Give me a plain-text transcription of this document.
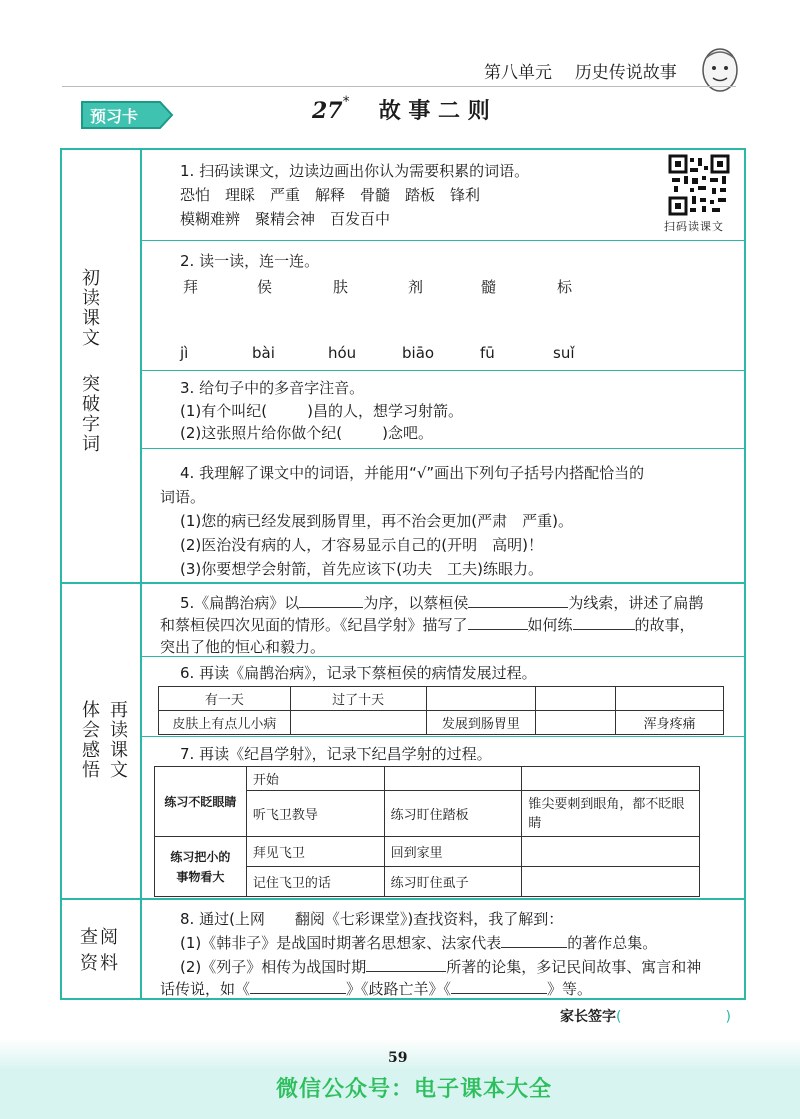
第八单元 历史传说故事
预习卡	27* 故 事 二 则
初读课文
突破字词
再读课文
体会感悟
查阅资料
1. 扫码读课文，边读边画出你认为需要积累的词语。
恐怕　理睬　严重　解释　骨髓　踏板　锋利
模糊难辨　聚精会神　百发百中	扫码读课文
2. 读一读，连一连。
拜	侯	肤	剂	髓	标
jì	bài	hóu	biāo	fū	suǐ
3. 给句子中的多音字注音。
(1)有个叫纪(	)昌的人，想学习射箭。
(2)这张照片给你做个纪(	)念吧。
4. 我理解了课文中的词语，并能用“√”画出下列句子括号内搭配恰当的
词语。
(1)您的病已经发展到肠胃里，再不治会更加(严肃　严重)。
(2)医治没有病的人，才容易显示自己的(开明　高明)！
(3)你要想学会射箭，首先应该下(功夫　工夫)练眼力。
5.《扁鹊治病》以	为序，以蔡桓侯	为线索，讲述了扁鹊
和蔡桓侯四次见面的情形。《纪昌学射》描写了	如何练	的故事，
突出了他的恒心和毅力。
6. 再读《扁鹊治病》，记录下蔡桓侯的病情发展过程。
有一天	过了十天			
皮肤上有点儿小病		发展到肠胃里		浑身疼痛
7. 再读《纪昌学射》，记录下纪昌学射的过程。
练习不眨眼睛	开始		
	听飞卫教导	练习盯住踏板	锥尖要刺到眼角，都不眨眼睛
练习把小的
事物看大	拜见飞卫	回到家里	
	记住飞卫的话	练习盯住虱子	
8. 通过(上网　　翻阅《七彩课堂》)查找资料，我了解到：
(1)《韩非子》是战国时期著名思想家、法家代表	的著作总集。
(2)《列子》相传为战国时期	所著的论集，多记民间故事、寓言和神
话传说，如《	》《歧路亡羊》《	》等。
家长签字(	)
59
微信公众号：电子课本大全
